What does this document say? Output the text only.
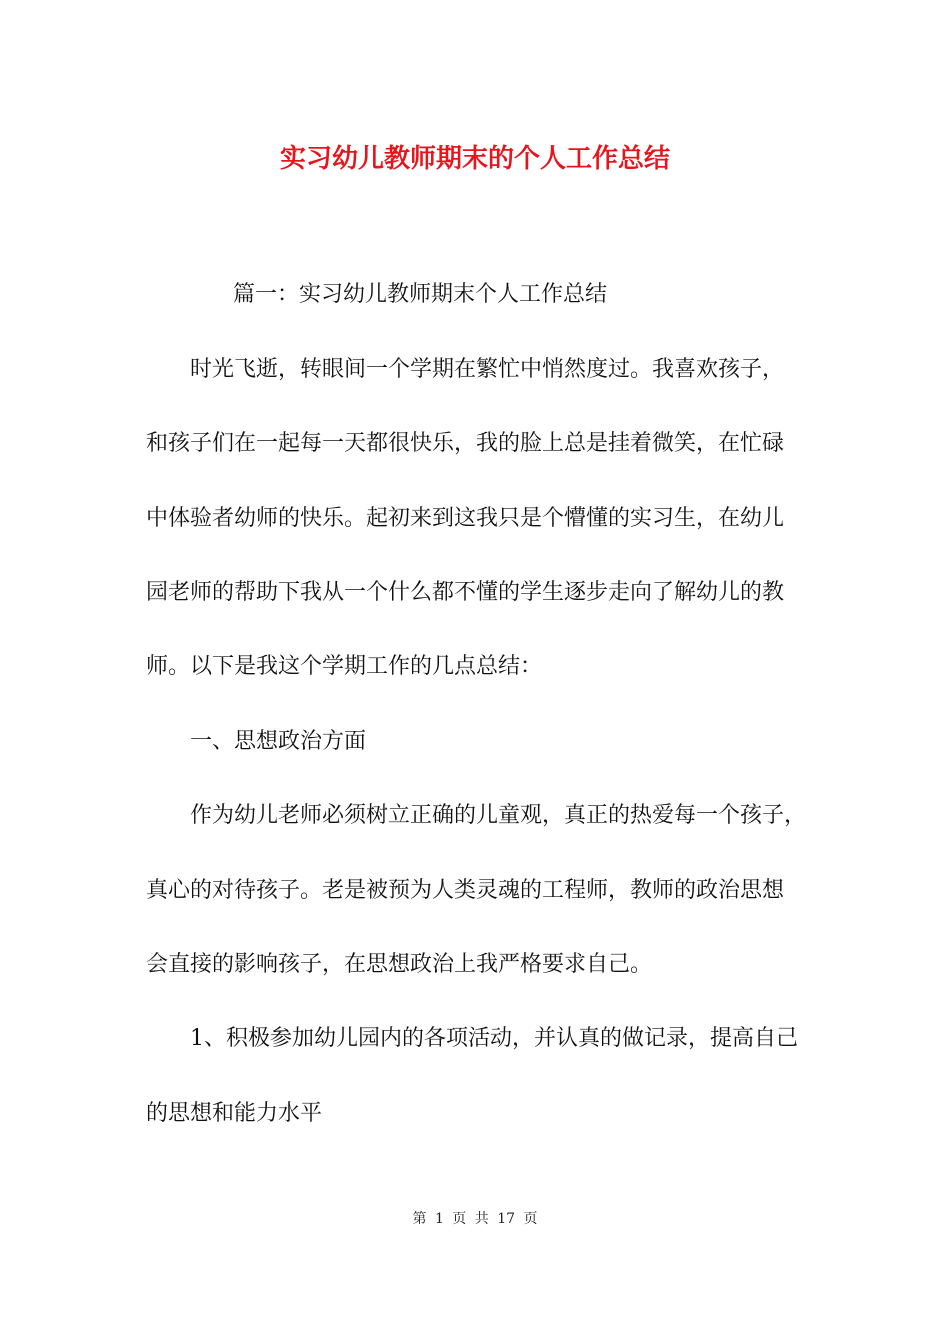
实习幼儿教师期末的个人工作总结
篇一：实习幼儿教师期末个人工作总结
时光飞逝，转眼间一个学期在繁忙中悄然度过。我喜欢孩子，
和孩子们在一起每一天都很快乐，我的脸上总是挂着微笑，在忙碌
中体验者幼师的快乐。起初来到这我只是个懵懂的实习生，在幼儿
园老师的帮助下我从一个什么都不懂的学生逐步走向了解幼儿的教
师。以下是我这个学期工作的几点总结：
一、思想政治方面
作为幼儿老师必须树立正确的儿童观，真正的热爱每一个孩子，
真心的对待孩子。老是被预为人类灵魂的工程师，教师的政治思想
会直接的影响孩子，在思想政治上我严格要求自己。
1、积极参加幼儿园内的各项活动，并认真的做记录，提高自己
的思想和能力水平
第 1 页 共 17 页
